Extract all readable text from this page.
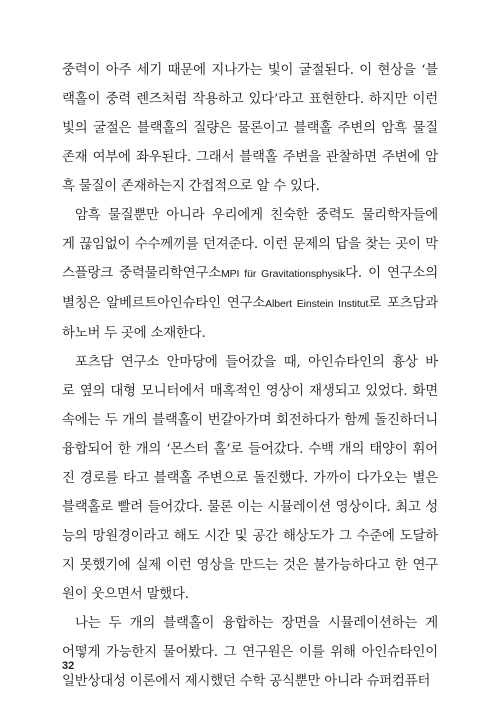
중력이 아주 세기 때문에 지나가는 빛이 굴절된다. 이 현상을 ‘블
랙홀이 중력 렌즈처럼 작용하고 있다’라고 표현한다. 하지만 이런
빛의 굴절은 블랙홀의 질량은 물론이고 블랙홀 주변의 암흑 물질
존재 여부에 좌우된다. 그래서 블랙홀 주변을 관찰하면 주변에 암
흑 물질이 존재하는지 간접적으로 알 수 있다.

암흑 물질뿐만 아니라 우리에게 친숙한 중력도 물리학자들에
게 끊임없이 수수께끼를 던져준다. 이런 문제의 답을 찾는 곳이 막
스플랑크 중력물리학연구소MPI für Gravitationsphysik다. 이 연구소의
별칭은 알베르트아인슈타인 연구소Albert Einstein Institut로 포츠담과
하노버 두 곳에 소재한다.

포츠담 연구소 안마당에 들어갔을 때, 아인슈타인의 흉상 바
로 옆의 대형 모니터에서 매혹적인 영상이 재생되고 있었다. 화면
속에는 두 개의 블랙홀이 번갈아가며 회전하다가 함께 돌진하더니
융합되어 한 개의 ‘몬스터 홀’로 들어갔다. 수백 개의 태양이 휘어
진 경로를 타고 블랙홀 주변으로 돌진했다. 가까이 다가오는 별은
블랙홀로 빨려 들어갔다. 물론 이는 시뮬레이션 영상이다. 최고 성
능의 망원경이라고 해도 시간 및 공간 해상도가 그 수준에 도달하
지 못했기에 실제 이런 영상을 만드는 것은 불가능하다고 한 연구
원이 웃으면서 말했다.

나는 두 개의 블랙홀이 융합하는 장면을 시뮬레이션하는 게
어떻게 가능한지 물어봤다. 그 연구원은 이를 위해 아인슈타인이
일반상대성 이론에서 제시했던 수학 공식뿐만 아니라 슈퍼컴퓨터

32
